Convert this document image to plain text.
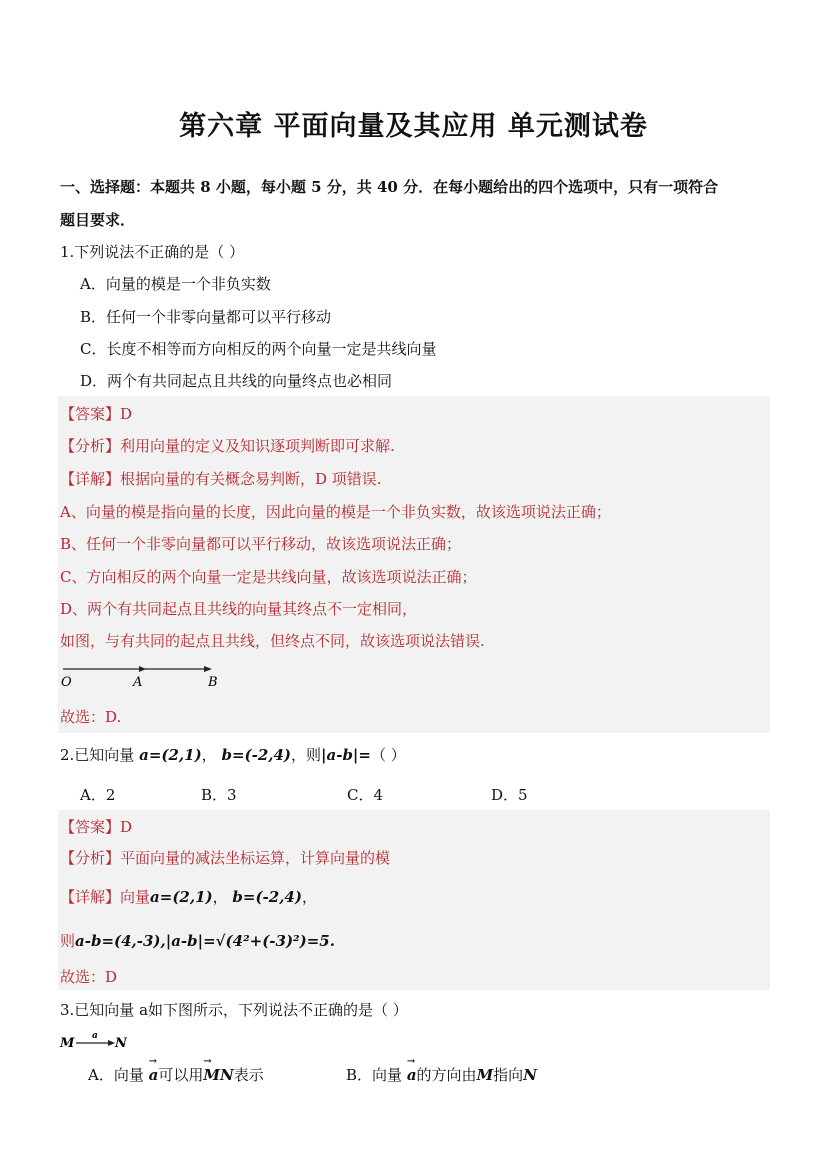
第六章 平面向量及其应用 单元测试卷
一、选择题：本题共 8 小题，每小题 5 分，共 40 分．在每小题给出的四个选项中，只有一项符合
题目要求．
1.下列说法不正确的是（ ）
A．向量的模是一个非负实数
B．任何一个非零向量都可以平行移动
C．长度不相等而方向相反的两个向量一定是共线向量
D．两个有共同起点且共线的向量终点也必相同
【答案】D
【分析】利用向量的定义及知识逐项判断即可求解.
【详解】根据向量的有关概念易判断，D 项错误.
A、向量的模是指向量的长度，因此向量的模是一个非负实数，故该选项说法正确；
B、任何一个非零向量都可以平行移动，故该选项说法正确；
C、方向相反的两个向量一定是共线向量，故该选项说法正确；
D、两个有共同起点且共线的向量其终点不一定相同，
如图，与有共同的起点且共线，但终点不同，故该选项说法错误.
O	A	B
故选：D.
2.已知向量 a=(2,1)， b=(-2,4)，则|a-b|=（ ）
A．2	B．3	C．4	D．5
【答案】D
【分析】平面向量的减法坐标运算，计算向量的模
【详解】向量a=(2,1)， b=(-2,4)，
则a-b=(4,-3),|a-b|=√(4²+(-3)²)=5.
故选：D
3.已知向量 a如下图所示，下列说法不正确的是（ ）
M a N
A．向量 → a可以用→ MN表示	B．向量 → a的方向由M指向N
